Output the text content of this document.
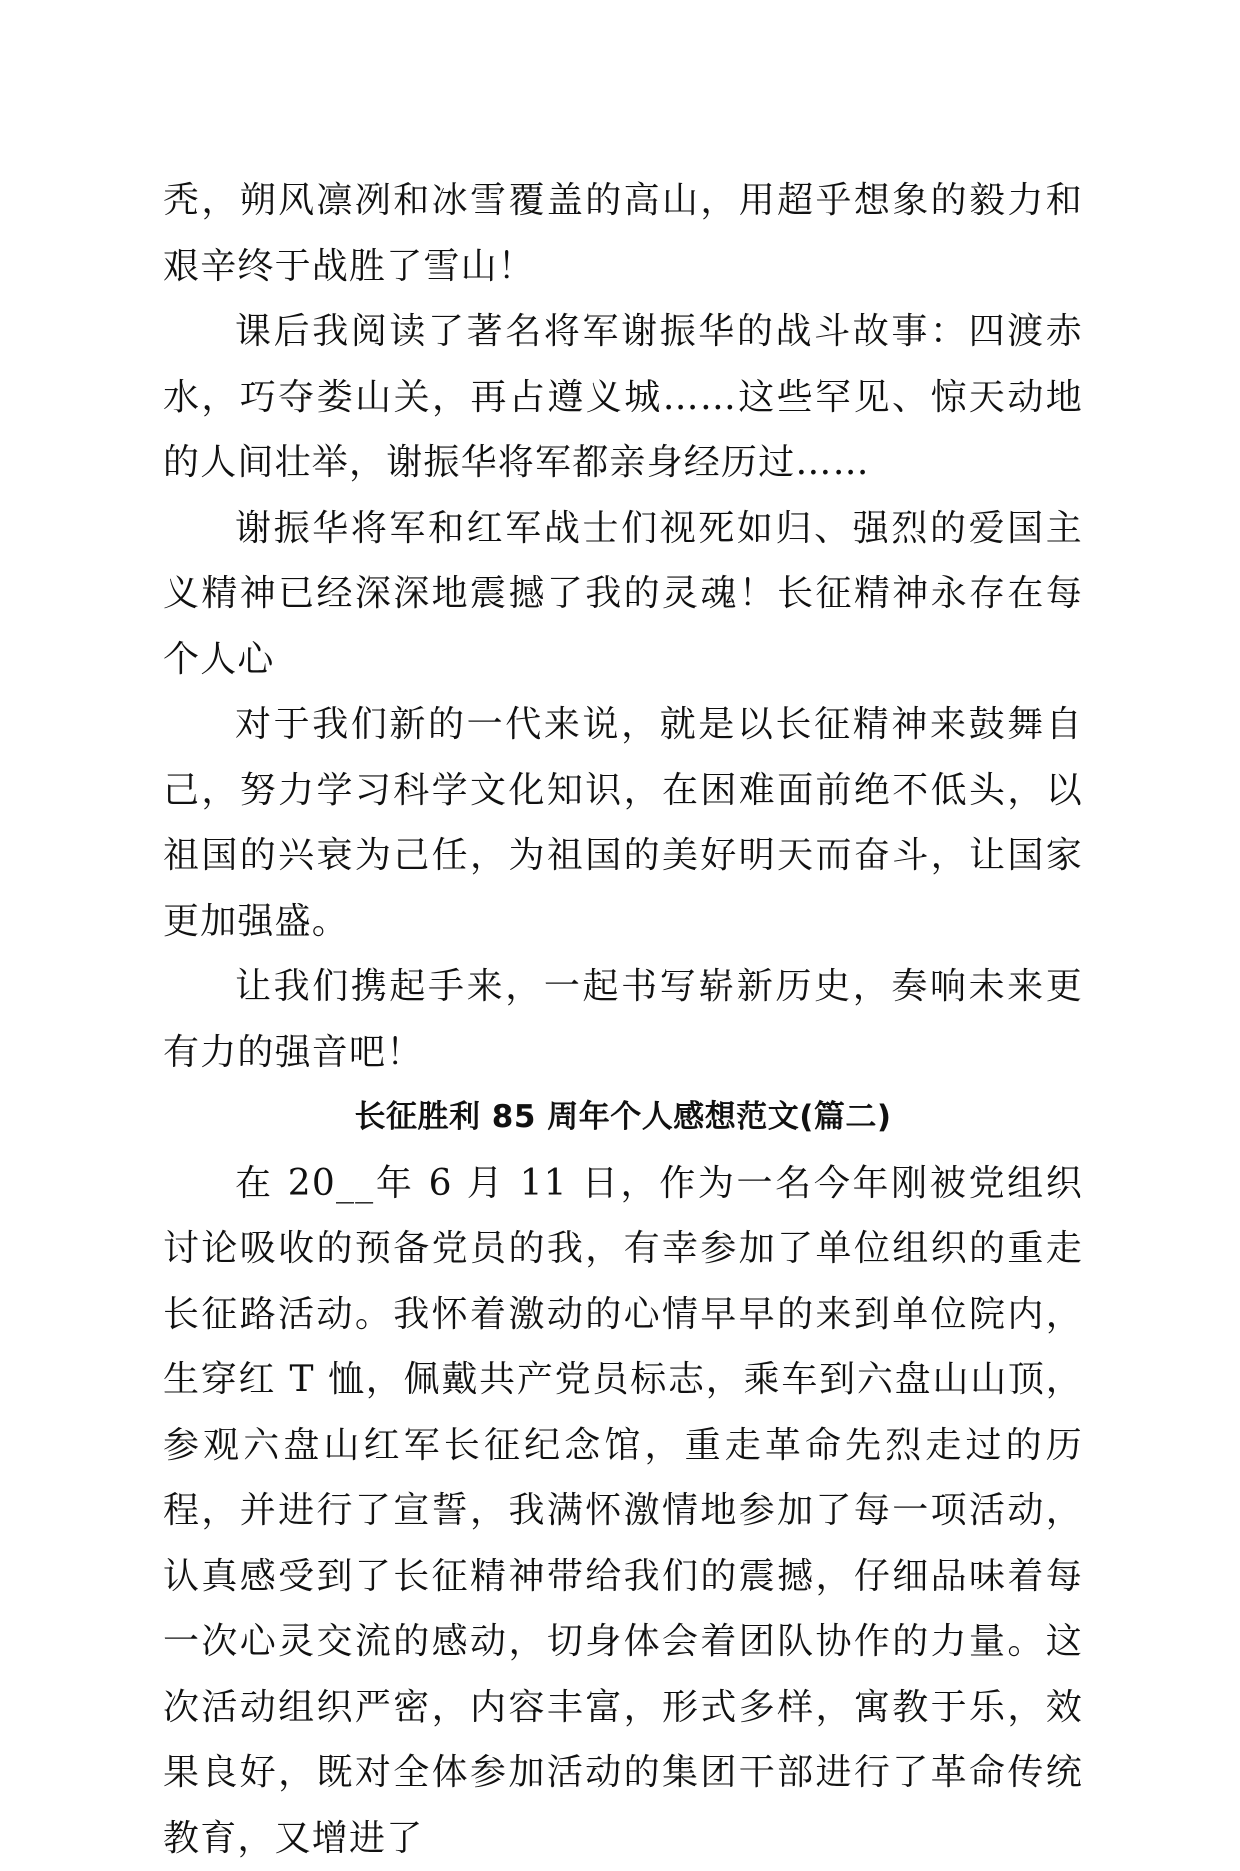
秃，朔风凛冽和冰雪覆盖的高山，用超乎想象的毅力和艰辛终于战胜了雪山！

课后我阅读了著名将军谢振华的战斗故事：四渡赤水，巧夺娄山关，再占遵义城……这些罕见、惊天动地的人间壮举，谢振华将军都亲身经历过……

谢振华将军和红军战士们视死如归、强烈的爱国主义精神已经深深地震撼了我的灵魂！长征精神永存在每个人心

对于我们新的一代来说，就是以长征精神来鼓舞自己，努力学习科学文化知识，在困难面前绝不低头，以祖国的兴衰为己任，为祖国的美好明天而奋斗，让国家更加强盛。

让我们携起手来，一起书写崭新历史，奏响未来更有力的强音吧！

长征胜利 85 周年个人感想范文(篇二)

在 20__年 6 月 11 日，作为一名今年刚被党组织讨论吸收的预备党员的我，有幸参加了单位组织的重走长征路活动。我怀着激动的心情早早的来到单位院内，生穿红 T 恤，佩戴共产党员标志，乘车到六盘山山顶，参观六盘山红军长征纪念馆，重走革命先烈走过的历程，并进行了宣誓，我满怀激情地参加了每一项活动，认真感受到了长征精神带给我们的震撼，仔细品味着每一次心灵交流的感动，切身体会着团队协作的力量。这次活动组织严密，内容丰富，形式多样，寓教于乐，效果良好，既对全体参加活动的集团干部进行了革命传统教育，又增进了
